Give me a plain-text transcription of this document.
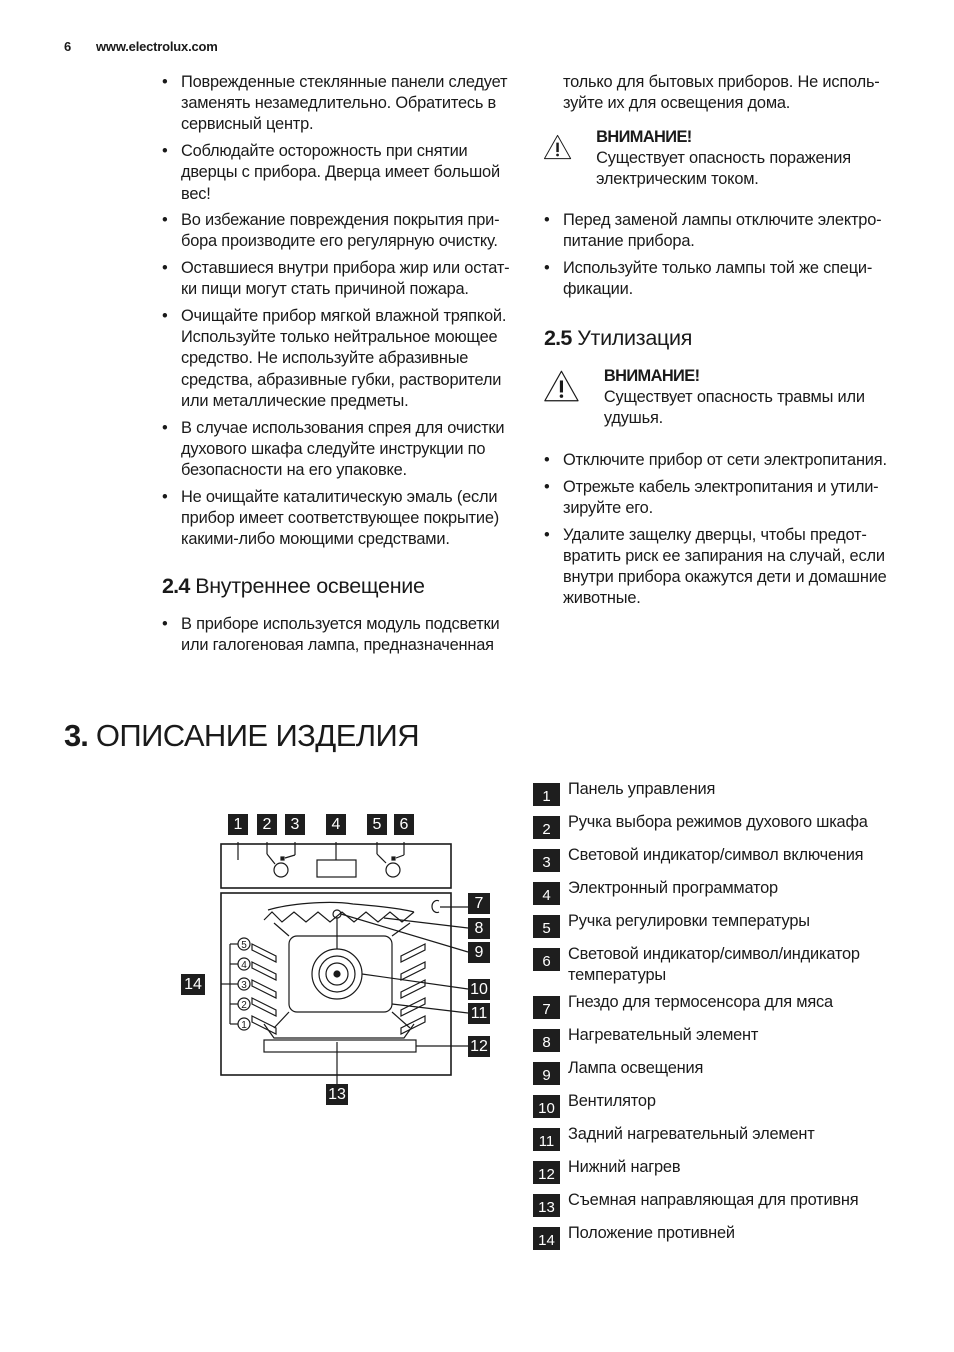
6 www.electrolux.com
• Поврежденные стеклянные панели следует заменять незамедлительно. Обратитесь в сервисный центр.
• Соблюдайте осторожность при снятии дверцы с прибора. Дверца имеет большой вес!
• Во избежание повреждения покрытия при-бора производите его регулярную очистку.
• Оставшиеся внутри прибора жир или остат-ки пищи могут стать причиной пожара.
• Очищайте прибор мягкой влажной тряпкой. Используйте только нейтральное моющее средство. Не используйте абразивные средства, абразивные губки, растворители или металлические предметы.
• В случае использования спрея для очистки духового шкафа следуйте инструкции по безопасности на его упаковке.
• Не очищайте каталитическую эмаль (если прибор имеет соответствующее покрытие) какими-либо моющими средствами.
2.4 Внутреннее освещение
• В приборе используется модуль подсветки или галогеновая лампа, предназначенная
только для бытовых приборов. Не исполь-зуйте их для освещения дома.
ВНИМАНИЕ!
Существует опасность поражения электрическим током.
• Перед заменой лампы отключите электро-питание прибора.
• Используйте только лампы той же специ-фикации.
2.5 Утилизация
ВНИМАНИЕ!
Существует опасность травмы или удушья.
• Отключите прибор от сети электропитания.
• Отрежьте кабель электропитания и утили-зируйте его.
• Удалите защелку дверцы, чтобы предот-вратить риск ее запирания на случай, если внутри прибора окажутся дети и домашние животные.
3. ОПИСАНИЕ ИЗДЕЛИЯ
5
4
3
2
1
1	2	3	4	5	6
7
8
9
10
11
12
13
14
1	Панель управления
2	Ручка выбора режимов духового шкафа
3	Световой индикатор/символ включения
4	Электронный программатор
5	Ручка регулировки температуры
6	Световой индикатор/символ/индикатор температуры
7	Гнездо для термосенсора для мяса
8	Нагревательный элемент
9	Лампа освещения
10 Вентилятор
11 Задний нагревательный элемент
12 Нижний нагрев
13 Съемная направляющая для противня
14 Положение противней
